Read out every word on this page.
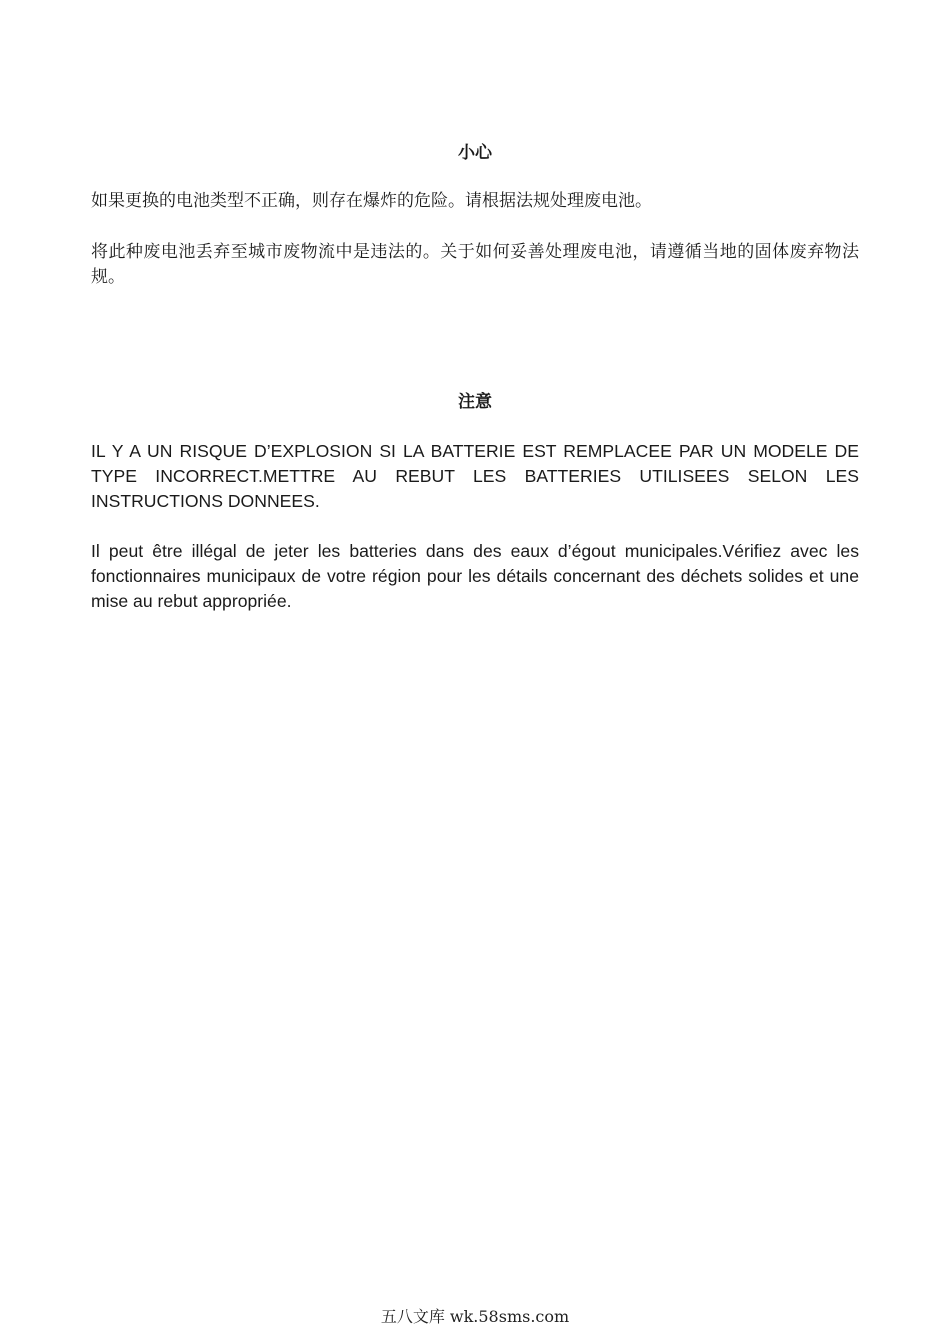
小心

如果更换的电池类型不正确，则存在爆炸的危险。请根据法规处理废电池。

将此种废电池丢弃至城市废物流中是违法的。关于如何妥善处理废电池，请遵循当地的固体废弃物法规。

注意

IL Y A UN RISQUE D’EXPLOSION SI LA BATTERIE EST REMPLACEE PAR UN MODELE DE TYPE INCORRECT.METTRE AU REBUT LES BATTERIES UTILISEES SELON LES INSTRUCTIONS DONNEES.

Il peut être illégal de jeter les batteries dans des eaux d’égout municipales.Vérifiez avec les fonctionnaires municipaux de votre région pour les détails concernant des déchets solides et une mise au rebut appropriée.

五八文库 wk.58sms.com
